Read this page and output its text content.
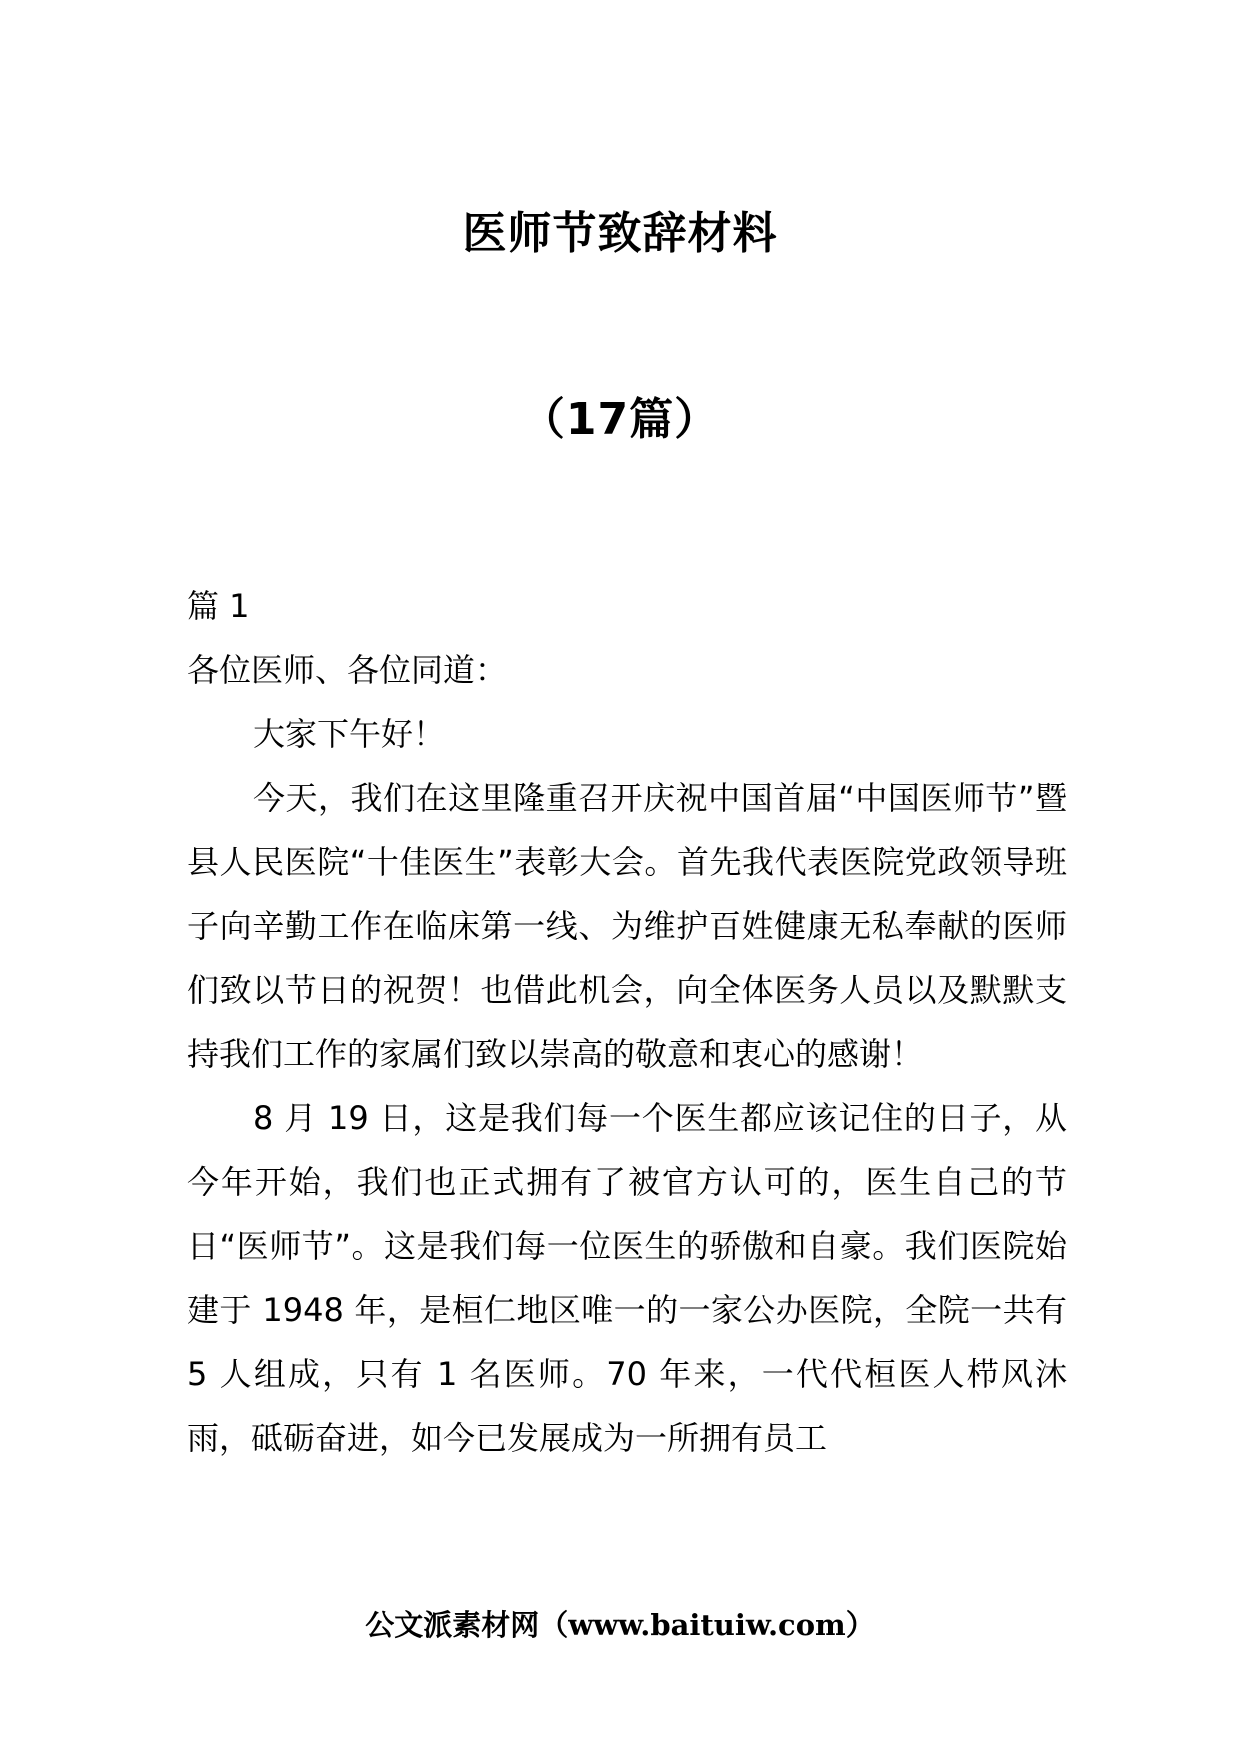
医师节致辞材料
（17篇）

篇 1

各位医师、各位同道：

大家下午好！

今天，我们在这里隆重召开庆祝中国首届“中国医师节”暨县人民医院“十佳医生”表彰大会。首先我代表医院党政领导班子向辛勤工作在临床第一线、为维护百姓健康无私奉献的医师们致以节日的祝贺！也借此机会，向全体医务人员以及默默支持我们工作的家属们致以崇高的敬意和衷心的感谢！

8 月 19 日，这是我们每一个医生都应该记住的日子，从今年开始，我们也正式拥有了被官方认可的，医生自己的节日“医师节”。这是我们每一位医生的骄傲和自豪。我们医院始建于 1948 年，是桓仁地区唯一的一家公办医院，全院一共有 5 人组成，只有 1 名医师。70 年来，一代代桓医人栉风沐雨，砥砺奋进，如今已发展成为一所拥有员工

公文派素材网（www.baituiw.com）
